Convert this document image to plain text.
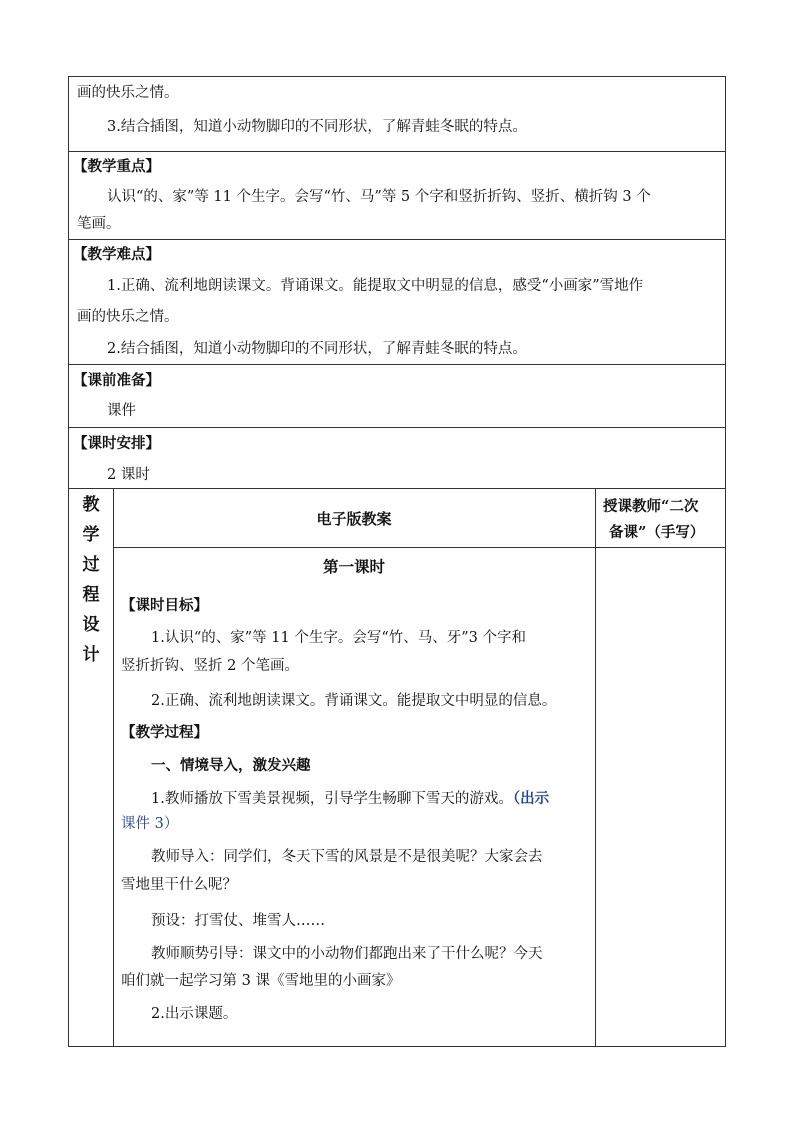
画的快乐之情。
3.结合插图，知道小动物脚印的不同形状，了解青蛙冬眠的特点。
【教学重点】
认识“的、家”等 11 个生字。会写“竹、马”等 5 个字和竖折折钩、竖折、横折钩 3 个
笔画。
【教学难点】
1.正确、流利地朗读课文。背诵课文。能提取文中明显的信息，感受“小画家”雪地作
画的快乐之情。
2.结合插图，知道小动物脚印的不同形状，了解青蛙冬眠的特点。
【课前准备】
课件
【课时安排】
2 课时
教
学
过
程
设
计
电子版教案
授课教师“二次
备课”（手写）
第一课时
【课时目标】
1.认识“的、家”等 11 个生字。会写“竹、马、牙”3 个字和
竖折折钩、竖折 2 个笔画。
2.正确、流利地朗读课文。背诵课文。能提取文中明显的信息。
【教学过程】
一、情境导入，激发兴趣
1.教师播放下雪美景视频，引导学生畅聊下雪天的游戏。（出示
课件 3）
教师导入：同学们，冬天下雪的风景是不是很美呢？大家会去
雪地里干什么呢？
预设：打雪仗、堆雪人……
教师顺势引导：课文中的小动物们都跑出来了干什么呢？今天
咱们就一起学习第 3 课《雪地里的小画家》
2.出示课题。
